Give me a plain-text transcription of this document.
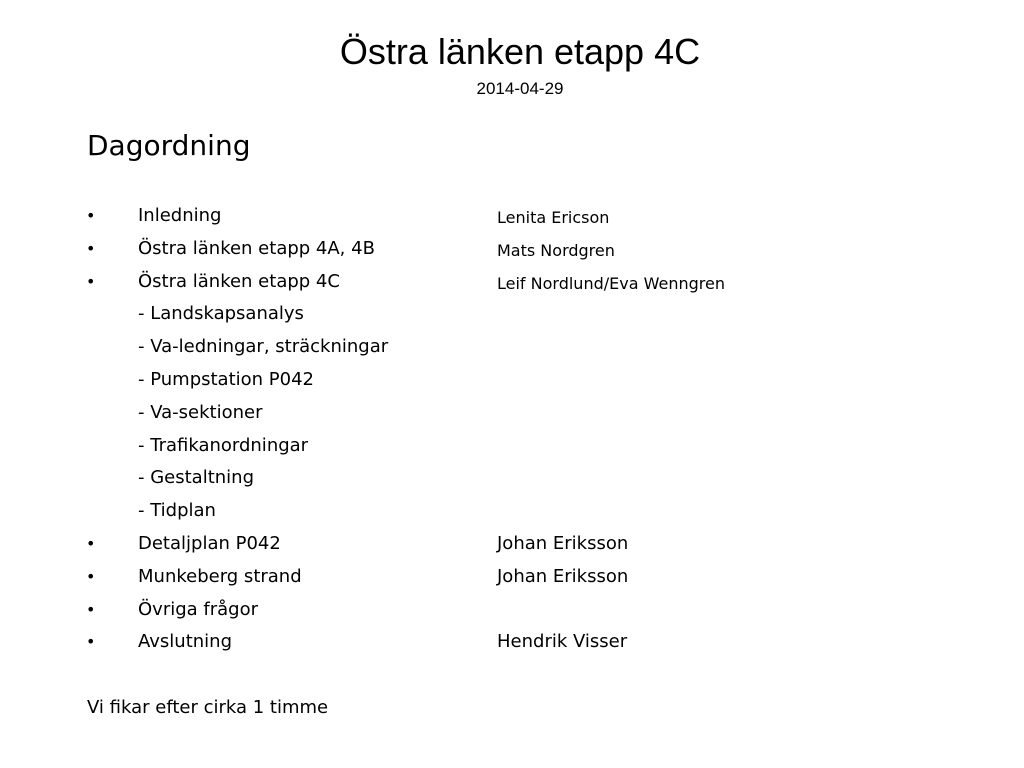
Östra länken etapp 4C
2014-04-29
Dagordning
• Inledning	Lenita Ericson
• Östra länken etapp 4A, 4B	Mats Nordgren
• Östra länken etapp 4C	Leif Nordlund/Eva Wenngren
- Landskapsanalys
- Va-ledningar, sträckningar
- Pumpstation P042
- Va-sektioner
- Trafikanordningar
- Gestaltning
- Tidplan
• Detaljplan P042	Johan Eriksson
• Munkeberg strand	Johan Eriksson
• Övriga frågor
• Avslutning	Hendrik Visser
Vi fikar efter cirka 1 timme
